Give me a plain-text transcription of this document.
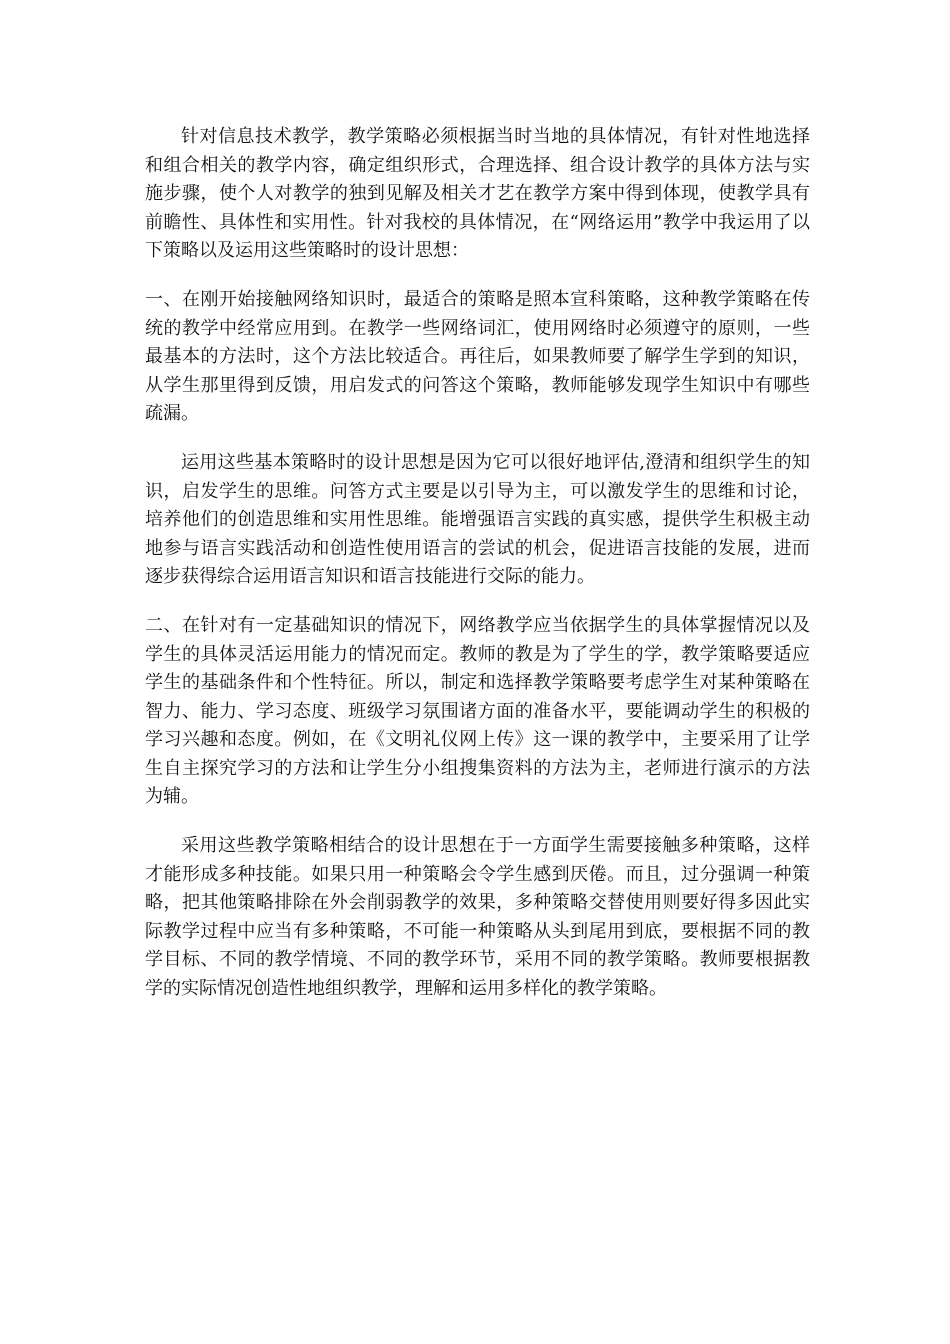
针对信息技术教学，教学策略必须根据当时当地的具体情况，有针对性地选择和组合相关的教学内容，确定组织形式，合理选择、组合设计教学的具体方法与实施步骤，使个人对教学的独到见解及相关才艺在教学方案中得到体现，使教学具有前瞻性、具体性和实用性。针对我校的具体情况，在“网络运用”教学中我运用了以下策略以及运用这些策略时的设计思想：

一、在刚开始接触网络知识时，最适合的策略是照本宣科策略，这种教学策略在传统的教学中经常应用到。在教学一些网络词汇，使用网络时必须遵守的原则，一些最基本的方法时，这个方法比较适合。再往后，如果教师要了解学生学到的知识，从学生那里得到反馈，用启发式的问答这个策略，教师能够发现学生知识中有哪些疏漏。

运用这些基本策略时的设计思想是因为它可以很好地评估,澄清和组织学生的知识，启发学生的思维。问答方式主要是以引导为主，可以激发学生的思维和讨论，培养他们的创造思维和实用性思维。能增强语言实践的真实感，提供学生积极主动地参与语言实践活动和创造性使用语言的尝试的机会，促进语言技能的发展，进而逐步获得综合运用语言知识和语言技能进行交际的能力。

二、在针对有一定基础知识的情况下，网络教学应当依据学生的具体掌握情况以及学生的具体灵活运用能力的情况而定。教师的教是为了学生的学，教学策略要适应学生的基础条件和个性特征。所以，制定和选择教学策略要考虑学生对某种策略在智力、能力、学习态度、班级学习氛围诸方面的准备水平，要能调动学生的积极的学习兴趣和态度。例如，在《文明礼仪网上传》这一课的教学中，主要采用了让学生自主探究学习的方法和让学生分小组搜集资料的方法为主，老师进行演示的方法为辅。

采用这些教学策略相结合的设计思想在于一方面学生需要接触多种策略，这样才能形成多种技能。如果只用一种策略会令学生感到厌倦。而且，过分强调一种策略，把其他策略排除在外会削弱教学的效果，多种策略交替使用则要好得多因此实际教学过程中应当有多种策略，不可能一种策略从头到尾用到底，要根据不同的教学目标、不同的教学情境、不同的教学环节，采用不同的教学策略。教师要根据教学的实际情况创造性地组织教学，理解和运用多样化的教学策略。
